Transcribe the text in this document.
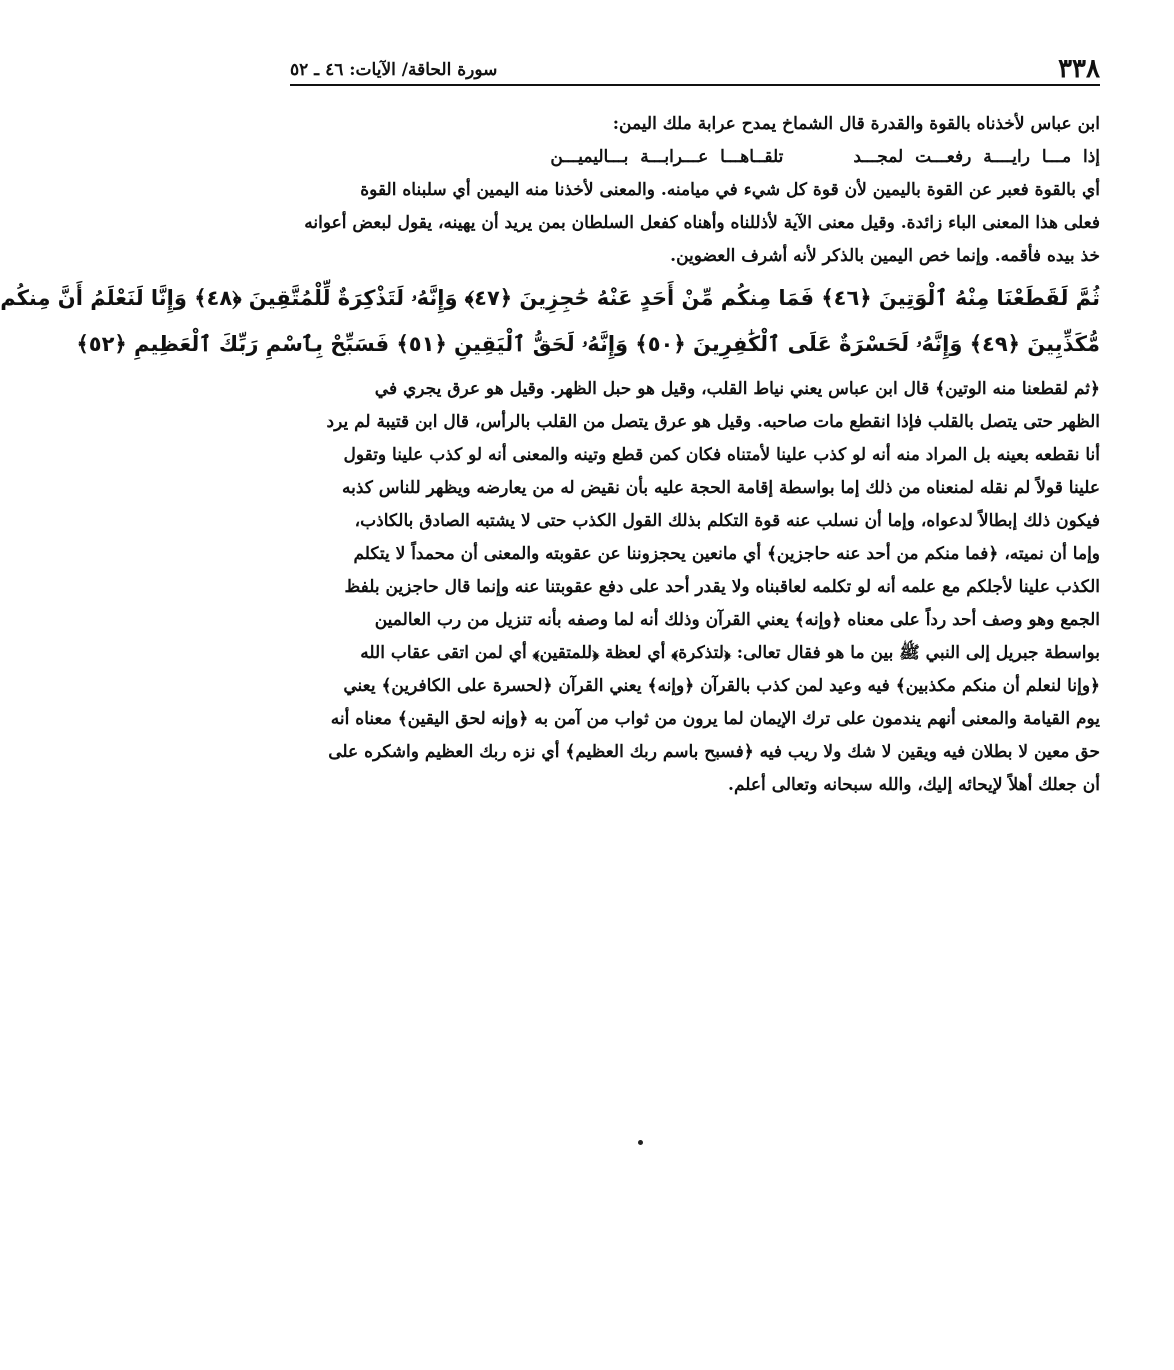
٣٣٨
سورة الحاقة/ الآيات: ٤٦ ـ ٥٢
ابن عباس لأخذناه بالقوة والقدرة قال الشماخ يمدح عرابة ملك اليمن:
إذا مـــا رايــــة رفعـــت لمجـــدتلقــاهـــا عـــرابـــة بـــاليميـــن
أي بالقوة فعبر عن القوة باليمين لأن قوة كل شيء في ميامنه. والمعنى لأخذنا منه اليمين أي سلبناه القوة
فعلى هذا المعنى الباء زائدة. وقيل معنى الآية لأذللناه وأهناه كفعل السلطان بمن يريد أن يهينه، يقول لبعض أعوانه
خذ بيده فأقمه. وإنما خص اليمين بالذكر لأنه أشرف العضوين.
ثُمَّ لَقَطَعْنَا مِنْهُ ٱلْوَتِينَ ﴿٤٦﴾ فَمَا مِنكُم مِّنْ أَحَدٍ عَنْهُ حَٰجِزِينَ ﴿٤٧﴾ وَإِنَّهُۥ لَتَذْكِرَةٌ لِّلْمُتَّقِينَ ﴿٤٨﴾ وَإِنَّا لَنَعْلَمُ أَنَّ مِنكُم
مُّكَذِّبِينَ ﴿٤٩﴾ وَإِنَّهُۥ لَحَسْرَةٌ عَلَى ٱلْكَٰفِرِينَ ﴿٥٠﴾ وَإِنَّهُۥ لَحَقُّ ٱلْيَقِينِ ﴿٥١﴾ فَسَبِّحْ بِٱسْمِ رَبِّكَ ٱلْعَظِيمِ ﴿٥٢﴾
﴿ثم لقطعنا منه الوتين﴾ قال ابن عباس يعني نياط القلب، وقيل هو حبل الظهر. وقيل هو عرق يجري في
الظهر حتى يتصل بالقلب فإذا انقطع مات صاحبه. وقيل هو عرق يتصل من القلب بالرأس، قال ابن قتيبة لم يرد
أنا نقطعه بعينه بل المراد منه أنه لو كذب علينا لأمتناه فكان كمن قطع وتينه والمعنى أنه لو كذب علينا وتقول
علينا قولاً لم نقله لمنعناه من ذلك إما بواسطة إقامة الحجة عليه بأن نقيض له من يعارضه ويظهر للناس كذبه
فيكون ذلك إبطالاً لدعواه، وإما أن نسلب عنه قوة التكلم بذلك القول الكذب حتى لا يشتبه الصادق بالكاذب،
وإما أن نميته، ﴿فما منكم من أحد عنه حاجزين﴾ أي مانعين يحجزوننا عن عقوبته والمعنى أن محمداً لا يتكلم
الكذب علينا لأجلكم مع علمه أنه لو تكلمه لعاقبناه ولا يقدر أحد على دفع عقوبتنا عنه وإنما قال حاجزين بلفظ
الجمع وهو وصف أحد رداً على معناه ﴿وإنه﴾ يعني القرآن وذلك أنه لما وصفه بأنه تنزيل من رب العالمين
بواسطة جبريل إلى النبي ﷺ بين ما هو فقال تعالى: ﴿لتذكرة﴾ أي لعظة ﴿للمتقين﴾ أي لمن اتقى عقاب الله
﴿وإنا لنعلم أن منكم مكذبين﴾ فيه وعيد لمن كذب بالقرآن ﴿وإنه﴾ يعني القرآن ﴿لحسرة على الكافرين﴾ يعني
يوم القيامة والمعنى أنهم يندمون على ترك الإيمان لما يرون من ثواب من آمن به ﴿وإنه لحق اليقين﴾ معناه أنه
حق معين لا بطلان فيه ويقين لا شك ولا ريب فيه ﴿فسبح باسم ربك العظيم﴾ أي نزه ربك العظيم واشكره على
أن جعلك أهلاً لإيحائه إليك، والله سبحانه وتعالى أعلم.
